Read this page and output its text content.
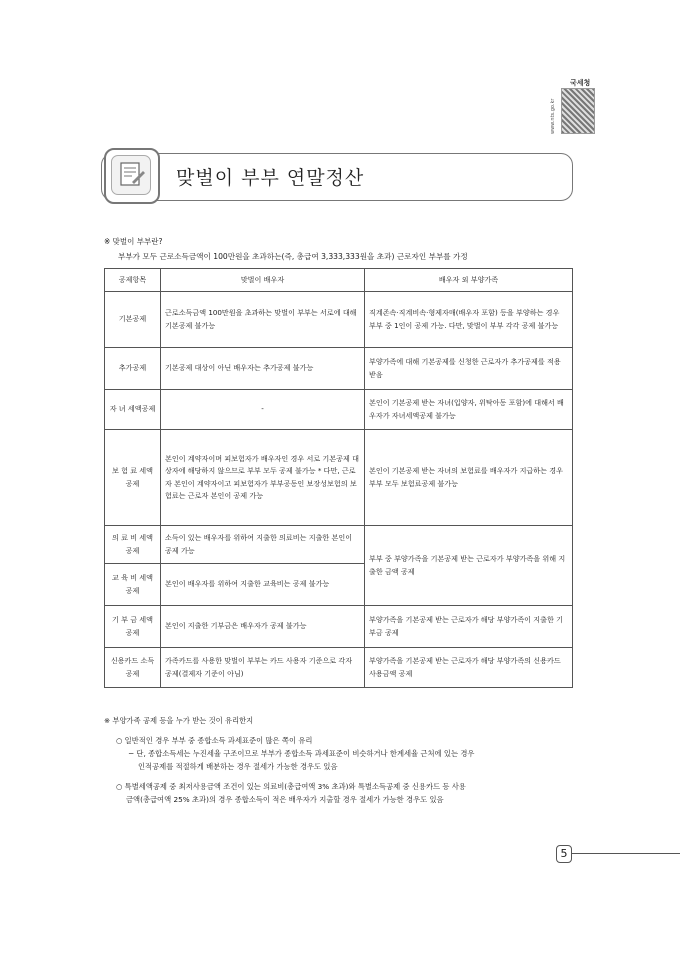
국세청
www.nts.go.kr
맞벌이 부부 연말정산
※ 맞벌이 부부란?
부부가 모두 근로소득금액이 100만원을 초과하는(즉, 총급여 3,333,333원을 초과) 근로자인 부부를 가정
공제항목	맞벌이 배우자	배우자 외 부양가족
기본공제	근로소득금액 100만원을 초과하는 맞벌이 부부는 서로에 대해 기본공제 불가능	직계존속·직계비속·형제자매(배우자 포함) 등을 부양하는 경우 부부 중 1인이 공제 가능. 다만, 맞벌이 부부 각각 공제 불가능
추가공제	기본공제 대상이 아닌 배우자는 추가공제 불가능	부양가족에 대해 기본공제를 신청한 근로자가 추가공제를 적용 받음
자 녀 세액공제	-	본인이 기본공제 받는 자녀(입양자, 위탁아동 포함)에 대해서 배우자가 자녀세액공제 불가능
보 험 료 세액공제	본인이 계약자이며 피보험자가 배우자인 경우 서로 기본공제 대상자에 해당하지 않으므로 부부 모두 공제 불가능 * 다만, 근로자 본인이 계약자이고 피보험자가 부부공동인 보장성보험의 보험료는 근로자 본인이 공제 가능	본인이 기본공제 받는 자녀의 보험료를 배우자가 지급하는 경우 부부 모두 보험료공제 불가능
의 료 비 세액공제	소득이 있는 배우자를 위하여 지출한 의료비는 지출한 본인이 공제 가능	부부 중 부양가족을 기본공제 받는 근로자가 부양가족을 위해 지출한 금액 공제
교 육 비 세액공제	본인이 배우자를 위하여 지출한 교육비는 공제 불가능	
기 부 금 세액공제	본인이 지출한 기부금은 배우자가 공제 불가능	부양가족을 기본공제 받는 근로자가 해당 부양가족이 지출한 기부금 공제
신용카드 소득공제	가족카드를 사용한 맞벌이 부부는 카드 사용자 기준으로 각자 공제(결제자 기준이 아님)	부양가족을 기본공제 받는 근로자가 해당 부양가족의 신용카드 사용금액 공제

※ 부양가족 공제 등을 누가 받는 것이 유리한지

○ 일반적인 경우 부부 중 종합소득 과세표준이 많은 쪽이 유리

− 단, 종합소득세는 누진세율 구조이므로 부부가 종합소득 과세표준이 비슷하거나 한계세율 근처에 있는 경우

인적공제를 적절하게 배분하는 경우 절세가 가능한 경우도 있음

○ 특별세액공제 중 최저사용금액 조건이 있는 의료비(총급여액 3% 초과)와 특별소득공제 중 신용카드 등 사용

금액(총급여액 25% 초과)의 경우 종합소득이 적은 배우자가 지출할 경우 절세가 가능한 경우도 있음

5
